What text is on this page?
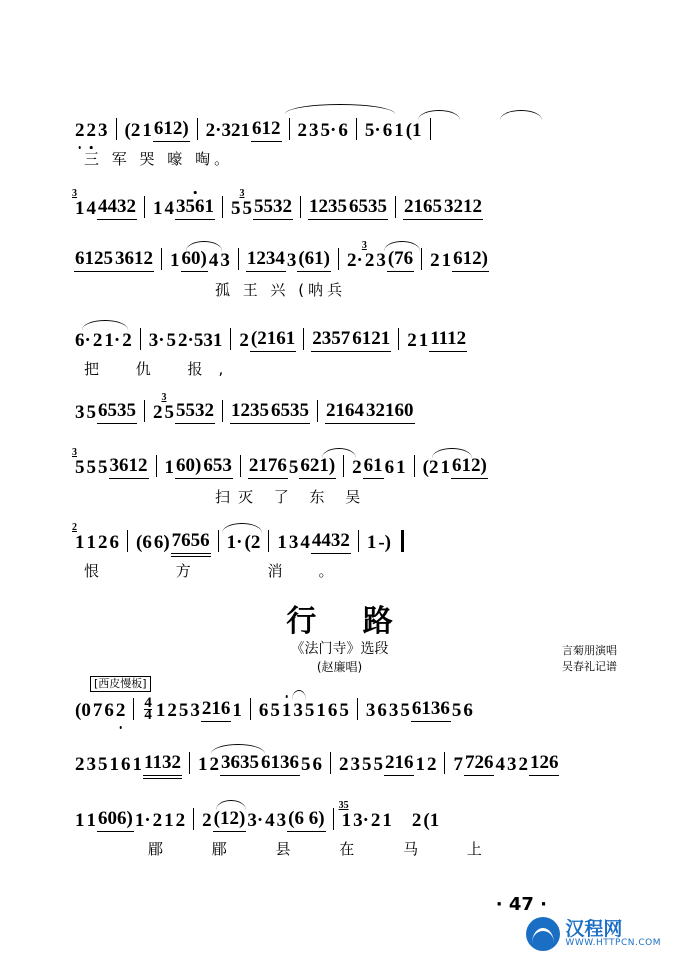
2 2 3 (2 1 612) 2·321 612 2 3 5· 6 5· 6 1 (1
三 军 哭 嚎 啕。
1
3
4 4432 1 4 3561 5 5
3
5532 1235 6535 2165 3212
6125 3612 1 60) 4 3 1234 3 (61) 2· 2
3
3 (76 2 1 612)
孤 王 兴 (呐兵
6· 2 1· 2 3· 5 2·531 2 (2161 2357 6121 2 1 1112
把 仇 报,
3 5 6535 2 5
3
5532 1235 6535 2164 32160
5
3
5 5 3612 1 60) 653 2176 5 621) 2 61 6 1 (2 1 612)
扫灭 了 东 吴
1
2
1 2 6 (6 6) 7656 1· (2 1 3 4 4432 1 -)
恨 方 消。
行 路
《法门寺》选段
(赵廉唱)
言菊朋演唱
吴春礼记谱
[西皮慢板]
(0 7 6 $2 \frac{4}{4} 1$ 2 5 3 216 1 6 5 1 3 5 1 6 5 3 6 3 5 6136 5 6
2 3 5 1 6 1 1132 1 2 3635 6136 5 6 2 3 5 5 216 1 2 7 726 4 3 2 126
1 1 606) 1· 2 1 2 2 (12) 3· 4 3 (6 6) 1
35
3· 2 1 2 (1
郿 郿 县 在 马 上
· 47 ·
汉程网
WWW.HTTPCN.COM
